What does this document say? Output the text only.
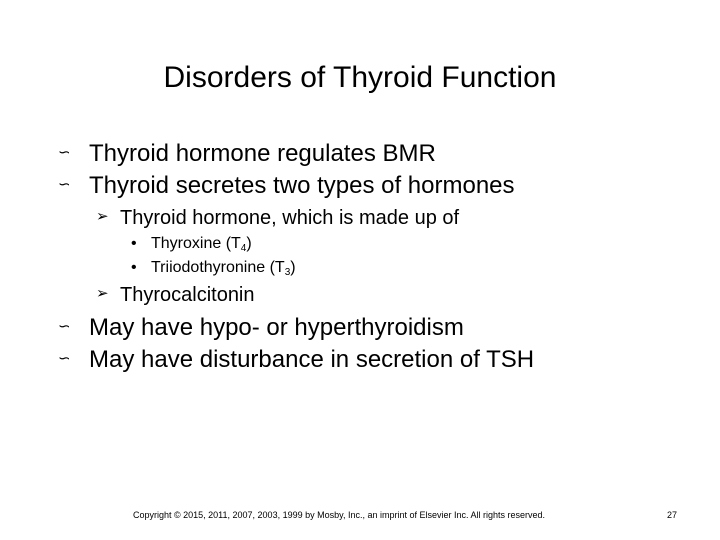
Disorders of Thyroid Function
∽ Thyroid hormone regulates BMR
∽ Thyroid secretes two types of hormones
➢ Thyroid hormone, which is made up of
• Thyroxine $(T_4)$
• Triiodothyronine $(T_3)$
➢ Thyrocalcitonin
∽ May have hypo- or hyperthyroidism
∽ May have disturbance in secretion of TSH
Copyright © 2015, 2011, 2007, 2003, 1999 by Mosby, Inc., an imprint of Elsevier Inc. All rights reserved.	27
